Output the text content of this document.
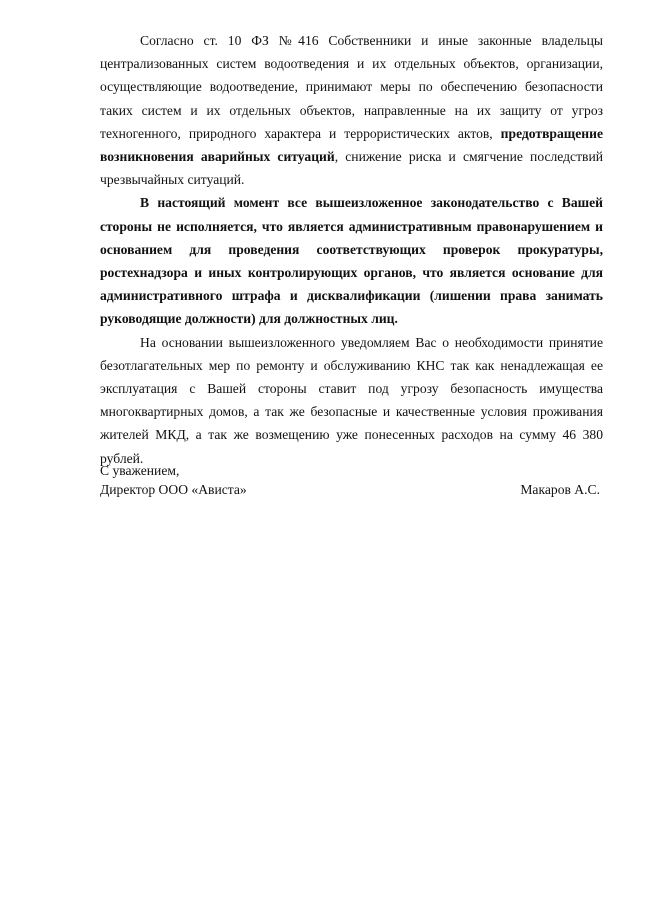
Согласно ст. 10 ФЗ №416 Собственники и иные законные владельцы централизованных систем водоотведения и их отдельных объектов, организации, осуществляющие водоотведение, принимают меры по обеспечению безопасности таких систем и их отдельных объектов, направленные на их защиту от угроз техногенного, природного характера и террористических актов, предотвращение возникновения аварийных ситуаций, снижение риска и смягчение последствий чрезвычайных ситуаций.

В настоящий момент все вышеизложенное законодательство с Вашей стороны не исполняется, что является административным правонарушением и основанием для проведения соответствующих проверок прокуратуры, ростехнадзора и иных контролирующих органов, что является основание для административного штрафа и дисквалификации (лишении права занимать руководящие должности) для должностных лиц.

На основании вышеизложенного уведомляем Вас о необходимости принятие безотлагательных мер по ремонту и обслуживанию КНС так как ненадлежащая ее эксплуатация с Вашей стороны ставит под угрозу безопасность имущества многоквартирных домов, а так же безопасные и качественные условия проживания жителей МКД, а так же возмещению уже понесенных расходов на сумму 46 380 рублей.

С уважением,
Директор ООО «Ависта»	Макаров А.С.
